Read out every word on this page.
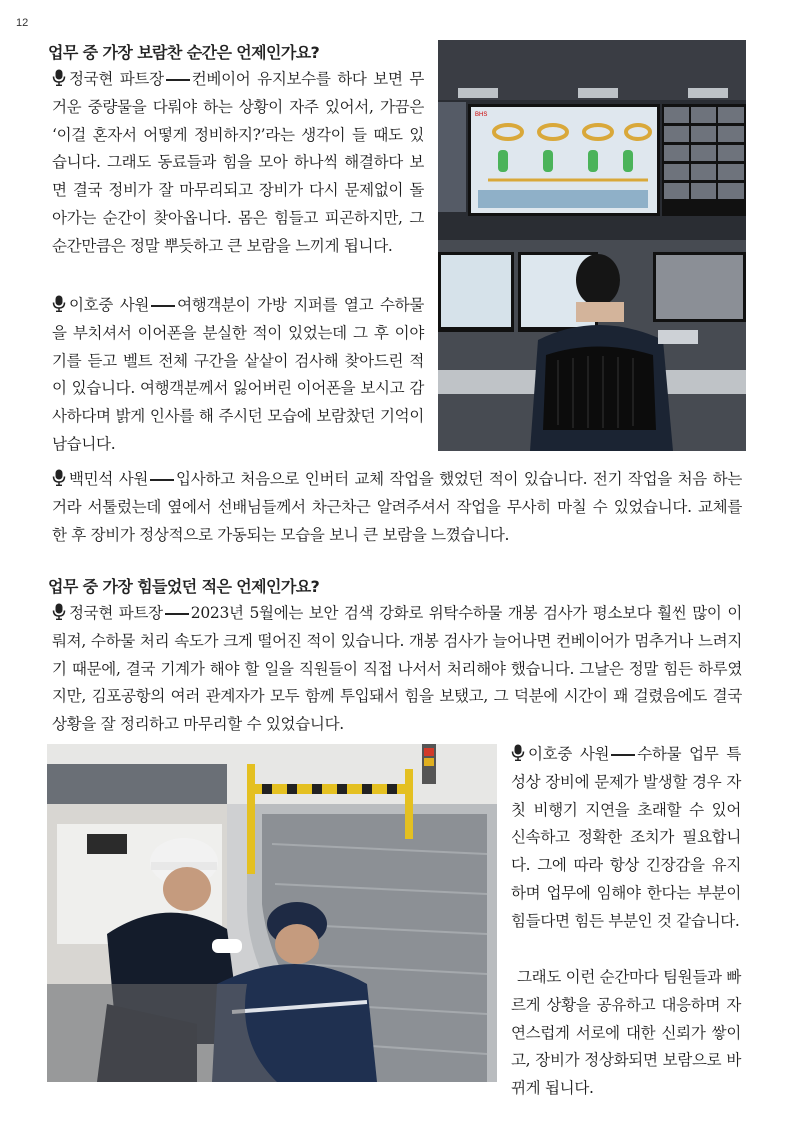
12
업무 중 가장 보람찬 순간은 언제인가요?

정국현 파트장 컨베이어 유지보수를 하다 보면 무거운 중량물을 다뤄야 하는 상황이 자주 있어서, 가끔은 ‘이걸 혼자서 어떻게 정비하지?’라는 생각이 들 때도 있습니다. 그래도 동료들과 힘을 모아 하나씩 해결하다 보면 결국 정비가 잘 마무리되고 장비가 다시 문제없이 돌아가는 순간이 찾아옵니다. 몸은 힘들고 피곤하지만, 그 순간만큼은 정말 뿌듯하고 큰 보람을 느끼게 됩니다.

이호중 사원 여행객분이 가방 지퍼를 열고 수하물을 부치셔서 이어폰을 분실한 적이 있었는데 그 후 이야기를 듣고 벨트 전체 구간을 샅샅이 검사해 찾아드린 적이 있습니다. 여행객분께서 잃어버린 이어폰을 보시고 감사하다며 밝게 인사를 해 주시던 모습에 보람찼던 기억이 남습니다.

BHS

백민석 사원 입사하고 처음으로 인버터 교체 작업을 했었던 적이 있습니다. 전기 작업을 처음 하는 거라 서툴렀는데 옆에서 선배님들께서 차근차근 알려주셔서 작업을 무사히 마칠 수 있었습니다. 교체를 한 후 장비가 정상적으로 가동되는 모습을 보니 큰 보람을 느꼈습니다.

업무 중 가장 힘들었던 적은 언제인가요?

정국현 파트장 2023년 5월에는 보안 검색 강화로 위탁수하물 개봉 검사가 평소보다 훨씬 많이 이뤄져, 수하물 처리 속도가 크게 떨어진 적이 있습니다. 개봉 검사가 늘어나면 컨베이어가 멈추거나 느려지기 때문에, 결국 기계가 해야 할 일을 직원들이 직접 나서서 처리해야 했습니다. 그날은 정말 힘든 하루였지만, 김포공항의 여러 관계자가 모두 함께 투입돼서 힘을 보탰고, 그 덕분에 시간이 꽤 걸렸음에도 결국 상황을 잘 정리하고 마무리할 수 있었습니다.

이호중 사원 수하물 업무 특성상 장비에 문제가 발생할 경우 자칫 비행기 지연을 초래할 수 있어 신속하고 정확한 조치가 필요합니다. 그에 따라 항상 긴장감을 유지하며 업무에 임해야 한다는 부분이 힘들다면 힘든 부분인 것 같습니다.

그래도 이런 순간마다 팀원들과 빠르게 상황을 공유하고 대응하며 자연스럽게 서로에 대한 신뢰가 쌓이고, 장비가 정상화되면 보람으로 바뀌게 됩니다.
